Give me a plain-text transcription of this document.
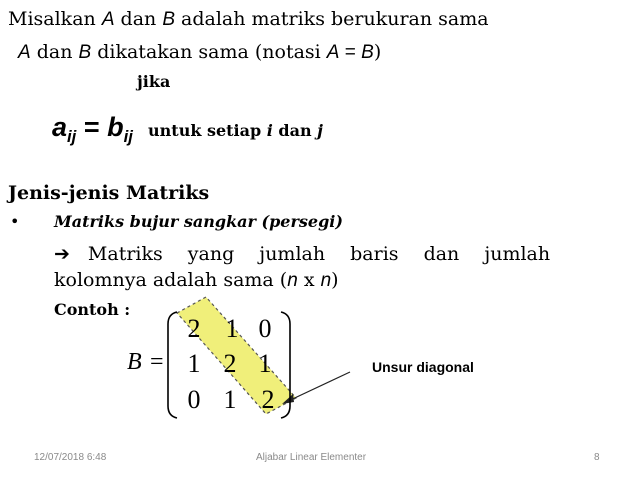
Misalkan A dan B adalah matriks berukuran sama
A dan B dikatakan sama (notasi A = B)
jika
$a_{ij} = b_{ij}$ untuk setiap i dan j
Jenis-jenis Matriks
• Matriks bujur sangkar (persegi)
➔ Matriks yang jumlah baris dan jumlah
kolomnya adalah sama (n x n)
Contoh :
B =
2 1 0
1 2 1
0 1 2
Unsur diagonal
12/07/2018 6:48	Aljabar Linear Elementer	8
